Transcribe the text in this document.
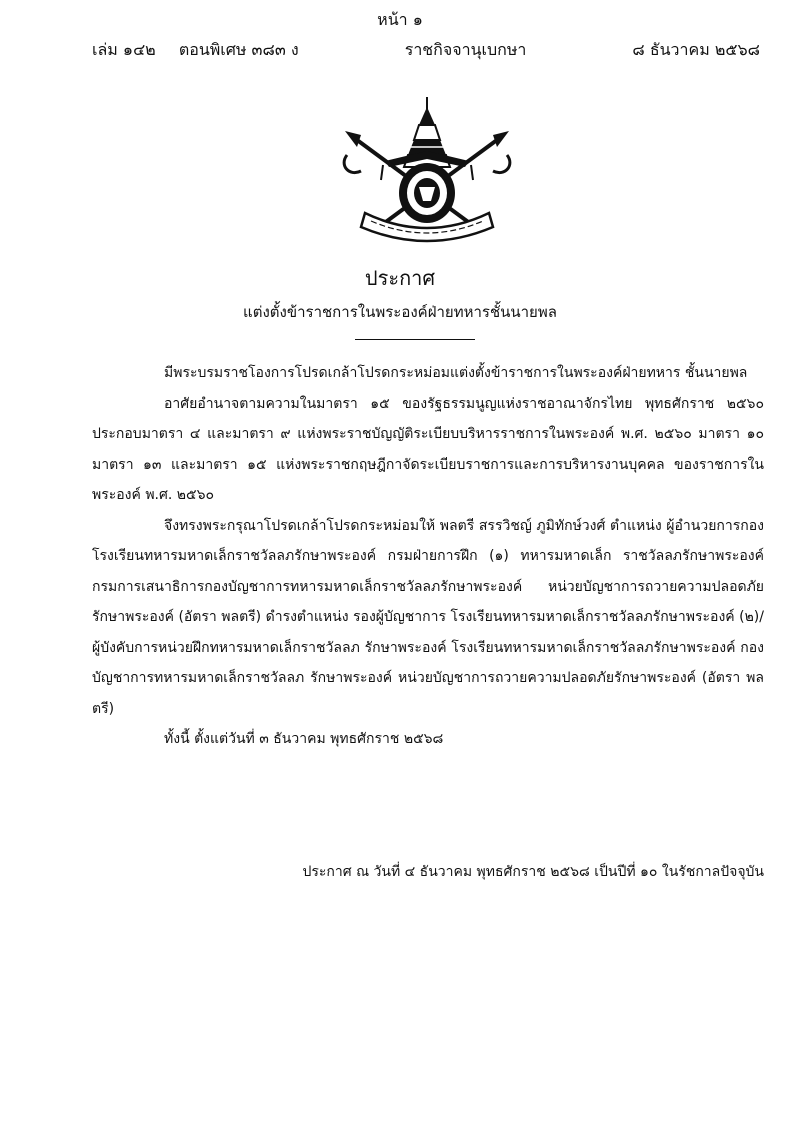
หน้า ๑
เล่ม ๑๔๒ ตอนพิเศษ ๓๘๓ ง	ราชกิจจานุเบกษา	๘ ธันวาคม ๒๕๖๘
ประกาศ
แต่งตั้งข้าราชการในพระองค์ฝ่ายทหารชั้นนายพล

มีพระบรมราชโองการโปรดเกล้าโปรดกระหม่อมแต่งตั้งข้าราชการในพระองค์ฝ่ายทหาร ชั้นนายพล

อาศัยอำนาจตามความในมาตรา ๑๕ ของรัฐธรรมนูญแห่งราชอาณาจักรไทย พุทธศักราช ๒๕๖๐ ประกอบมาตรา ๔ และมาตรา ๙ แห่งพระราชบัญญัติระเบียบบริหารราชการในพระองค์ พ.ศ. ๒๕๖๐ มาตรา ๑๐ มาตรา ๑๓ และมาตรา ๑๕ แห่งพระราชกฤษฎีกาจัดระเบียบราชการและการบริหารงานบุคคล ของราชการในพระองค์ พ.ศ. ๒๕๖๐

จึงทรงพระกรุณาโปรดเกล้าโปรดกระหม่อมให้ พลตรี สรรวิชญ์ ภูมิทักษ์วงศ์ ตำแหน่ง ผู้อำนวยการกองโรงเรียนทหารมหาดเล็กราชวัลลภรักษาพระองค์ กรมฝ่ายการฝึก (๑) ทหารมหาดเล็ก ราชวัลลภรักษาพระองค์ กรมการเสนาธิการกองบัญชาการทหารมหาดเล็กราชวัลลภรักษาพระองค์ หน่วยบัญชาการถวายความปลอดภัยรักษาพระองค์ (อัตรา พลตรี) ดำรงตำแหน่ง รองผู้บัญชาการ โรงเรียนทหารมหาดเล็กราชวัลลภรักษาพระองค์ (๒)/ผู้บังคับการหน่วยฝึกทหารมหาดเล็กราชวัลลภ รักษาพระองค์ โรงเรียนทหารมหาดเล็กราชวัลลภรักษาพระองค์ กองบัญชาการทหารมหาดเล็กราชวัลลภ รักษาพระองค์ หน่วยบัญชาการถวายความปลอดภัยรักษาพระองค์ (อัตรา พลตรี)

ทั้งนี้ ตั้งแต่วันที่ ๓ ธันวาคม พุทธศักราช ๒๕๖๘

ประกาศ ณ วันที่ ๔ ธันวาคม พุทธศักราช ๒๕๖๘ เป็นปีที่ ๑๐ ในรัชกาลปัจจุบัน
